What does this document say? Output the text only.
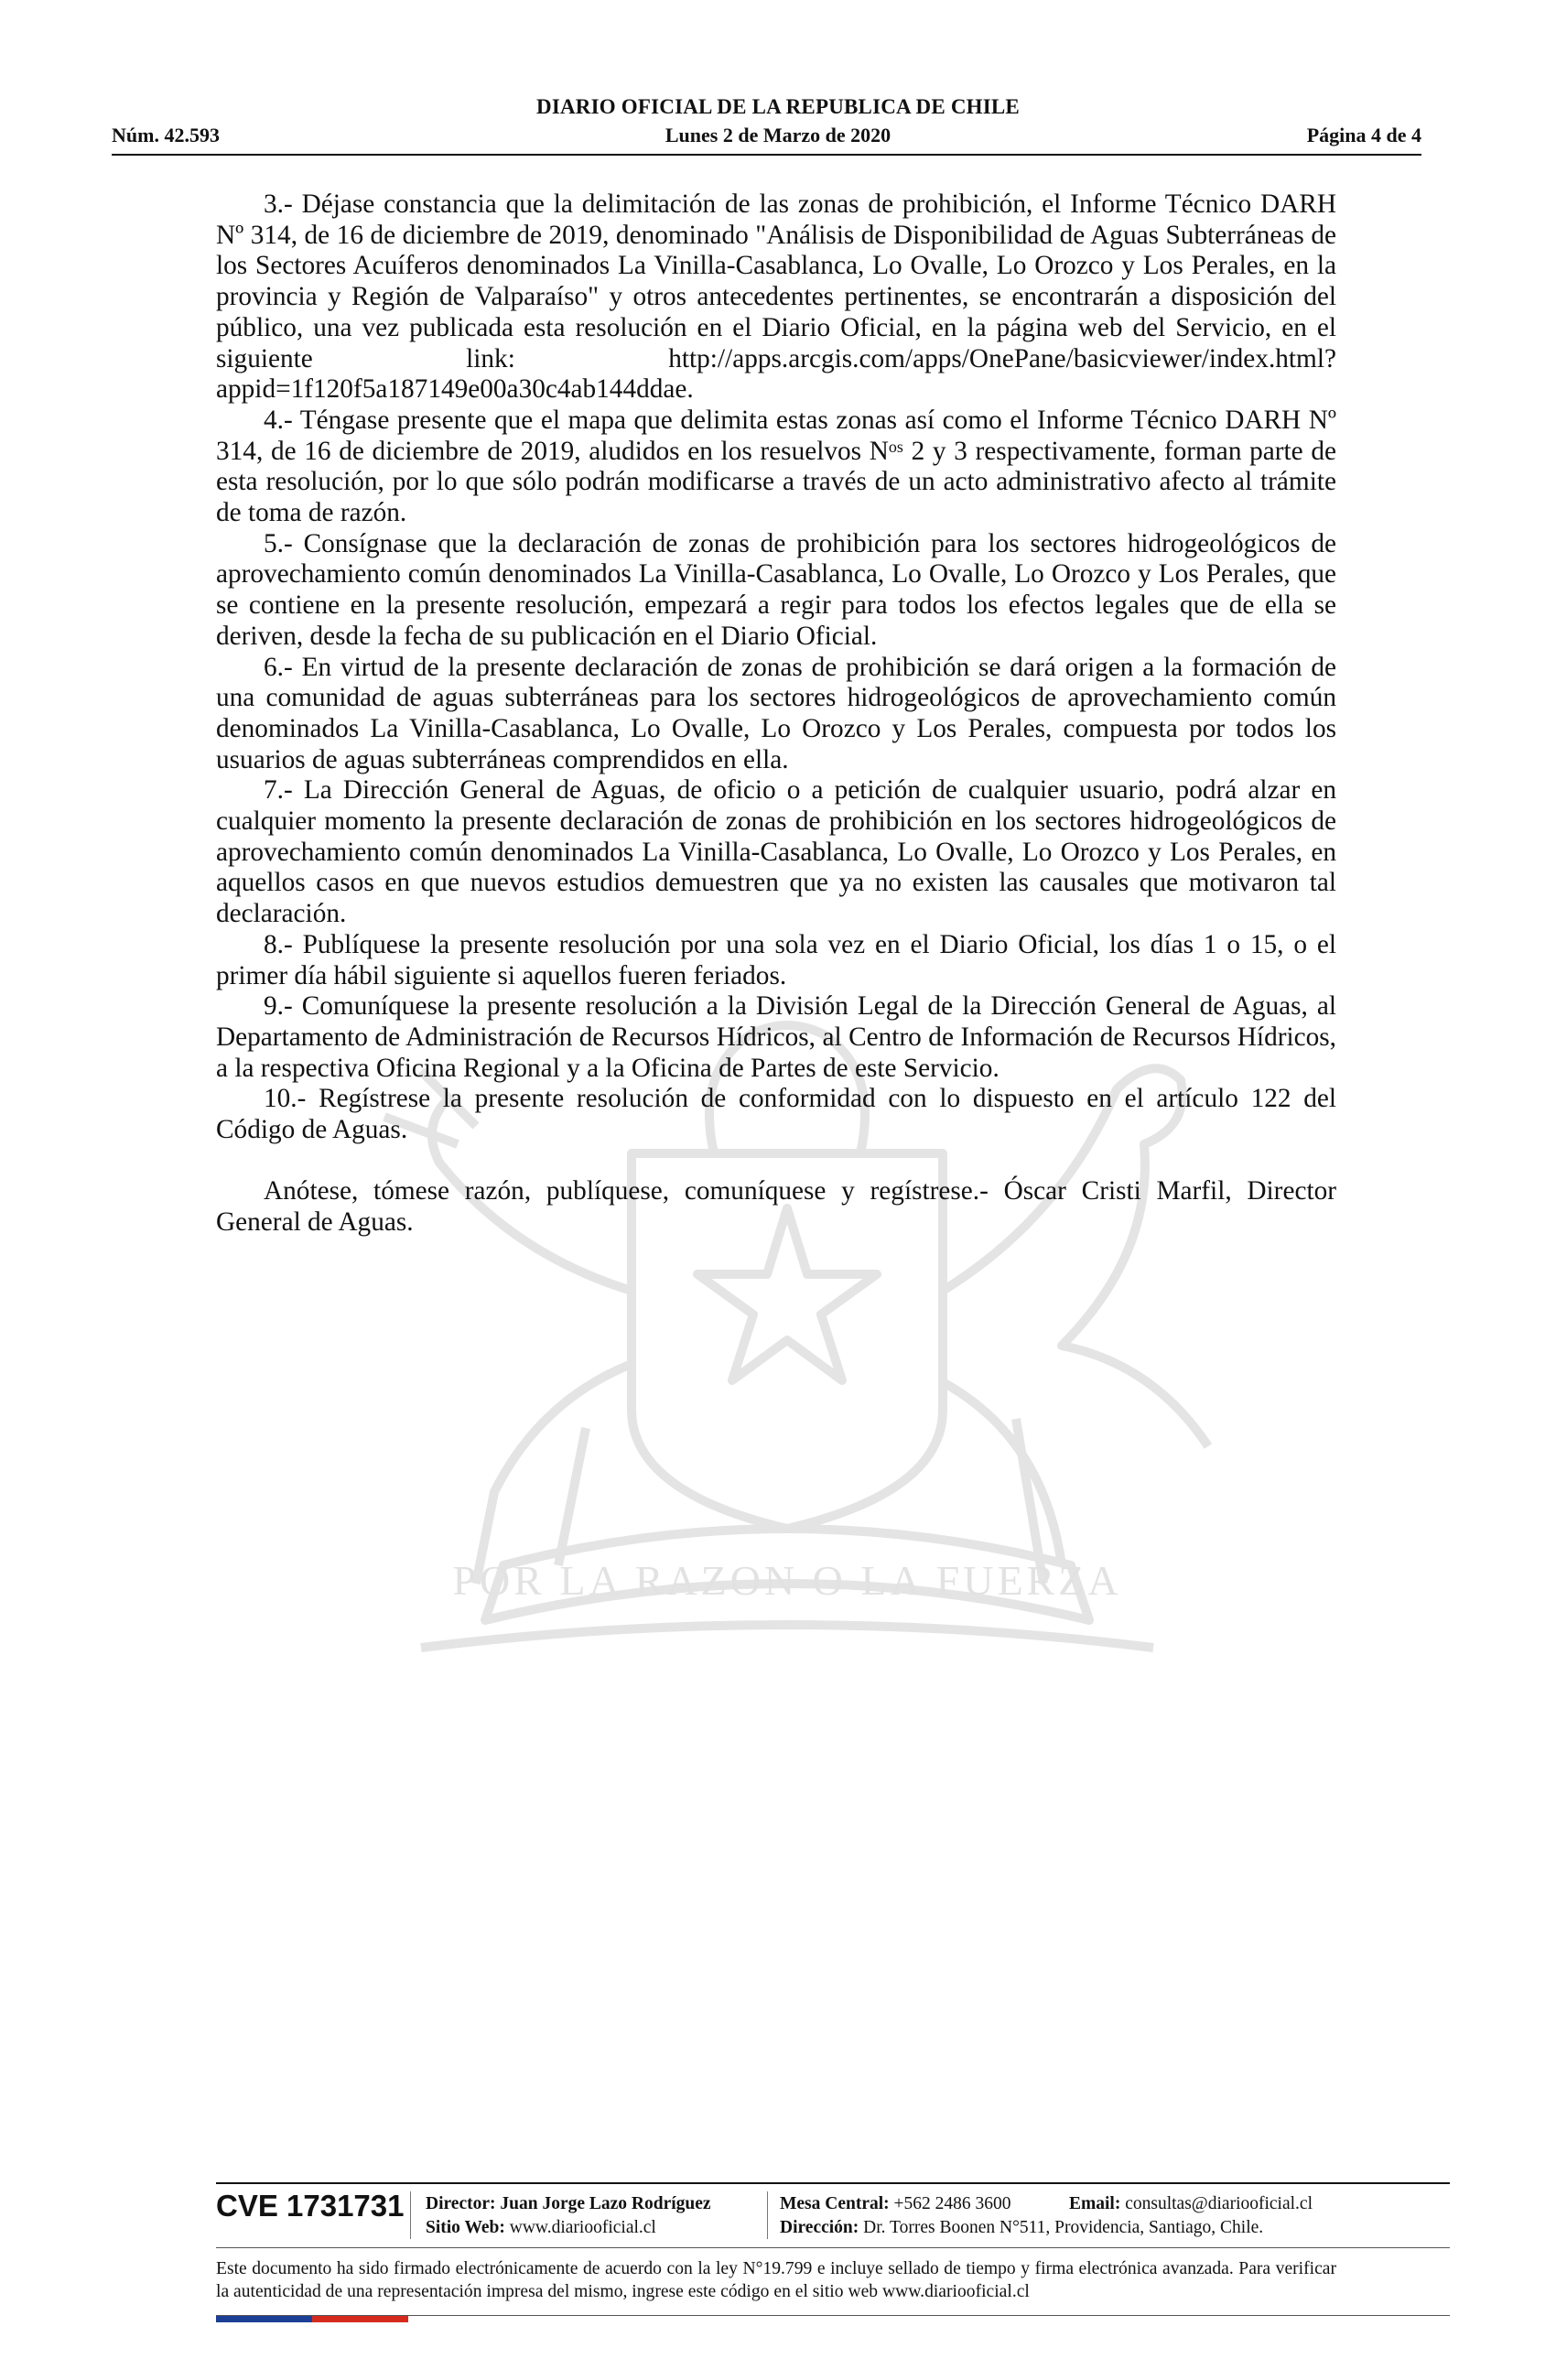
DIARIO OFICIAL DE LA REPUBLICA DE CHILE
Núm. 42.593	Lunes 2 de Marzo de 2020	Página 4 de 4
POR LA RAZON O LA FUERZA

3.- Déjase constancia que la delimitación de las zonas de prohibición, el Informe Técnico DARH Nº 314, de 16 de diciembre de 2019, denominado "Análisis de Disponibilidad de Aguas Subterráneas de los Sectores Acuíferos denominados La Vinilla-Casablanca, Lo Ovalle, Lo Orozco y Los Perales, en la provincia y Región de Valparaíso" y otros antecedentes pertinentes, se encontrarán a disposición del público, una vez publicada esta resolución en el Diario Oficial, en la página web del Servicio, en el siguiente link: http://apps.arcgis.com/apps/OnePane/basicviewer/index.html?appid=1f120f5a187149e00a30c4ab144ddae.

4.- Téngase presente que el mapa que delimita estas zonas así como el Informe Técnico DARH Nº 314, de 16 de diciembre de 2019, aludidos en los resuelvos $N^{os}$ 2 y 3 respectivamente, forman parte de esta resolución, por lo que sólo podrán modificarse a través de un acto administrativo afecto al trámite de toma de razón.

5.- Consígnase que la declaración de zonas de prohibición para los sectores hidrogeológicos de aprovechamiento común denominados La Vinilla-Casablanca, Lo Ovalle, Lo Orozco y Los Perales, que se contiene en la presente resolución, empezará a regir para todos los efectos legales que de ella se deriven, desde la fecha de su publicación en el Diario Oficial.

6.- En virtud de la presente declaración de zonas de prohibición se dará origen a la formación de una comunidad de aguas subterráneas para los sectores hidrogeológicos de aprovechamiento común denominados La Vinilla-Casablanca, Lo Ovalle, Lo Orozco y Los Perales, compuesta por todos los usuarios de aguas subterráneas comprendidos en ella.

7.- La Dirección General de Aguas, de oficio o a petición de cualquier usuario, podrá alzar en cualquier momento la presente declaración de zonas de prohibición en los sectores hidrogeológicos de aprovechamiento común denominados La Vinilla-Casablanca, Lo Ovalle, Lo Orozco y Los Perales, en aquellos casos en que nuevos estudios demuestren que ya no existen las causales que motivaron tal declaración.

8.- Publíquese la presente resolución por una sola vez en el Diario Oficial, los días 1 o 15, o el primer día hábil siguiente si aquellos fueren feriados.

9.- Comuníquese la presente resolución a la División Legal de la Dirección General de Aguas, al Departamento de Administración de Recursos Hídricos, al Centro de Información de Recursos Hídricos, a la respectiva Oficina Regional y a la Oficina de Partes de este Servicio.

10.- Regístrese la presente resolución de conformidad con lo dispuesto en el artículo 122 del Código de Aguas.

Anótese, tómese razón, publíquese, comuníquese y regístrese.- Óscar Cristi Marfil, Director General de Aguas.

CVE 1731731 Director: Juan Jorge Lazo Rodríguez
Sitio Web: www.diariooficial.cl
Mesa Central: +562 2486 3600
Dirección: Dr. Torres Boonen N°511, Providencia, Santiago, Chile.
Email: consultas@diariooficial.cl
Este documento ha sido firmado electrónicamente de acuerdo con la ley N°19.799 e incluye sellado de tiempo y firma electrónica avanzada. Para verificar la autenticidad de una representación impresa del mismo, ingrese este código en el sitio web www.diariooficial.cl
